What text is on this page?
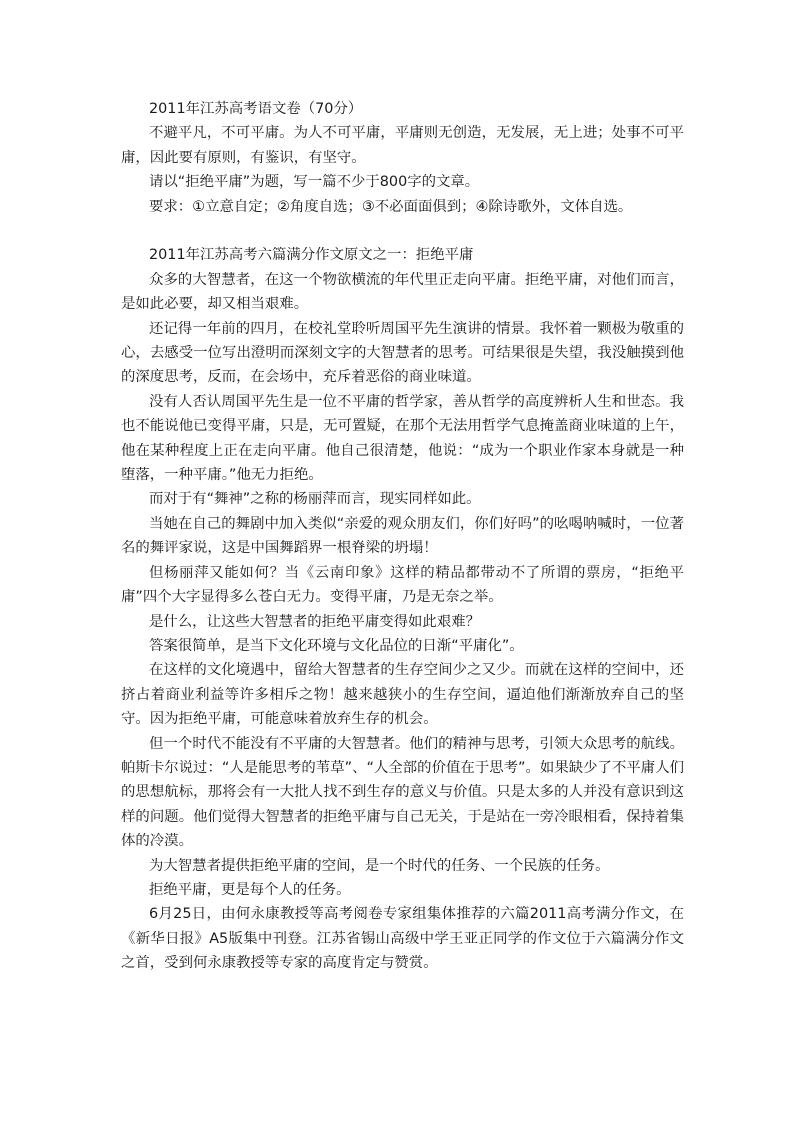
2011年江苏高考语文卷（70分）

不避平凡，不可平庸。为人不可平庸，平庸则无创造，无发展，无上进；处事不可平庸，因此要有原则，有鉴识，有坚守。

请以“拒绝平庸”为题，写一篇不少于800字的文章。

要求：①立意自定；②角度自选；③不必面面俱到；④除诗歌外，文体自选。

2011年江苏高考六篇满分作文原文之一：拒绝平庸

众多的大智慧者，在这一个物欲横流的年代里正走向平庸。拒绝平庸，对他们而言，是如此必要，却又相当艰难。

还记得一年前的四月，在校礼堂聆听周国平先生演讲的情景。我怀着一颗极为敬重的心，去感受一位写出澄明而深刻文字的大智慧者的思考。可结果很是失望，我没触摸到他的深度思考，反而，在会场中，充斥着恶俗的商业味道。

没有人否认周国平先生是一位不平庸的哲学家，善从哲学的高度辨析人生和世态。我也不能说他已变得平庸，只是，无可置疑，在那个无法用哲学气息掩盖商业味道的上午，他在某种程度上正在走向平庸。他自己很清楚，他说：“成为一个职业作家本身就是一种堕落，一种平庸。”他无力拒绝。

而对于有“舞神”之称的杨丽萍而言，现实同样如此。

当她在自己的舞剧中加入类似“亲爱的观众朋友们，你们好吗”的吆喝呐喊时，一位著名的舞评家说，这是中国舞蹈界一根脊梁的坍塌！

但杨丽萍又能如何？当《云南印象》这样的精品都带动不了所谓的票房，“拒绝平庸”四个大字显得多么苍白无力。变得平庸，乃是无奈之举。

是什么，让这些大智慧者的拒绝平庸变得如此艰难？

答案很简单，是当下文化环境与文化品位的日渐“平庸化”。

在这样的文化境遇中，留给大智慧者的生存空间少之又少。而就在这样的空间中，还挤占着商业利益等许多相斥之物！越来越狭小的生存空间，逼迫他们渐渐放弃自己的坚守。因为拒绝平庸，可能意味着放弃生存的机会。

但一个时代不能没有不平庸的大智慧者。他们的精神与思考，引领大众思考的航线。帕斯卡尔说过：“人是能思考的苇草”、“人全部的价值在于思考”。如果缺少了不平庸人们的思想航标，那将会有一大批人找不到生存的意义与价值。只是太多的人并没有意识到这样的问题。他们觉得大智慧者的拒绝平庸与自己无关，于是站在一旁冷眼相看，保持着集体的冷漠。

为大智慧者提供拒绝平庸的空间，是一个时代的任务、一个民族的任务。

拒绝平庸，更是每个人的任务。

6月25日，由何永康教授等高考阅卷专家组集体推荐的六篇2011高考满分作文，在《新华日报》A5版集中刊登。江苏省锡山高级中学王亚正同学的作文位于六篇满分作文之首，受到何永康教授等专家的高度肯定与赞赏。
